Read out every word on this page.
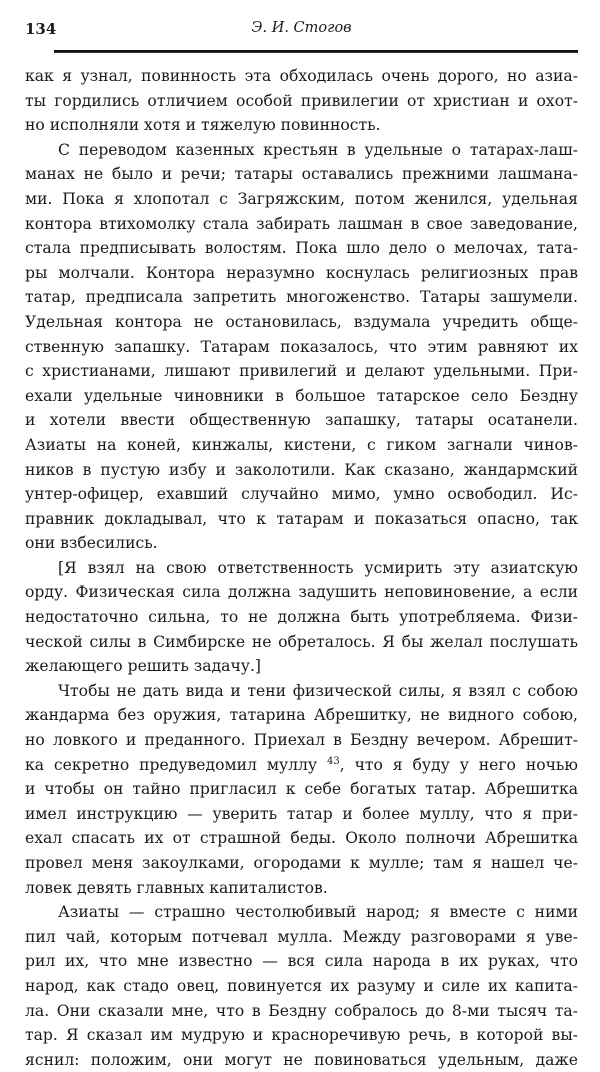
134	Э. И. Стогов
как я узнал, повинность эта обходилась очень дорого, но азиа-
ты гордились отличием особой привилегии от христиан и охот-
но исполняли хотя и тяжелую повинность.
С переводом казенных крестьян в удельные о татарах-лаш-
манах не было и речи; татары оставались прежними лашмана-
ми. Пока я хлопотал с Загряжским, потом женился, удельная
контора втихомолку стала забирать лашман в свое заведование,
стала предписывать волостям. Пока шло дело о мелочах, тата-
ры молчали. Контора неразумно коснулась религиозных прав
татар, предписала запретить многоженство. Татары зашумели.
Удельная контора не остановилась, вздумала учредить обще-
ственную запашку. Татарам показалось, что этим равняют их
с христианами, лишают привилегий и делают удельными. При-
ехали удельные чиновники в большое татарское село Бездну
и хотели ввести общественную запашку, татары осатанели.
Азиаты на коней, кинжалы, кистени, с гиком загнали чинов-
ников в пустую избу и заколотили. Как сказано, жандармский
унтер-офицер, ехавший случайно мимо, умно освободил. Ис-
правник докладывал, что к татарам и показаться опасно, так
они взбесились.
[Я взял на свою ответственность усмирить эту азиатскую
орду. Физическая сила должна задушить неповиновение, а если
недостаточно сильна, то не должна быть употребляема. Физи-
ческой силы в Симбирске не обреталось. Я бы желал послушать
желающего решить задачу.]
Чтобы не дать вида и тени физической силы, я взял с собою
жандарма без оружия, татарина Абрешитку, не видного собою,
но ловкого и преданного. Приехал в Бездну вечером. Абрешит-
ка секретно предуведомил муллу $^{43}$, что я буду у него ночью
и чтобы он тайно пригласил к себе богатых татар. Абрешитка
имел инструкцию — уверить татар и более муллу, что я при-
ехал спасать их от страшной беды. Около полночи Абрешитка
провел меня закоулками, огородами к мулле; там я нашел че-
ловек девять главных капиталистов.
Азиаты — страшно честолюбивый народ; я вместе с ними
пил чай, которым потчевал мулла. Между разговорами я уве-
рил их, что мне известно — вся сила народа в их руках, что
народ, как стадо овец, повинуется их разуму и силе их капита-
ла. Они сказали мне, что в Бездну собралось до 8-ми тысяч та-
тар. Я сказал им мудрую и красноречивую речь, в которой вы-
яснил: положим, они могут не повиноваться удельным, даже
